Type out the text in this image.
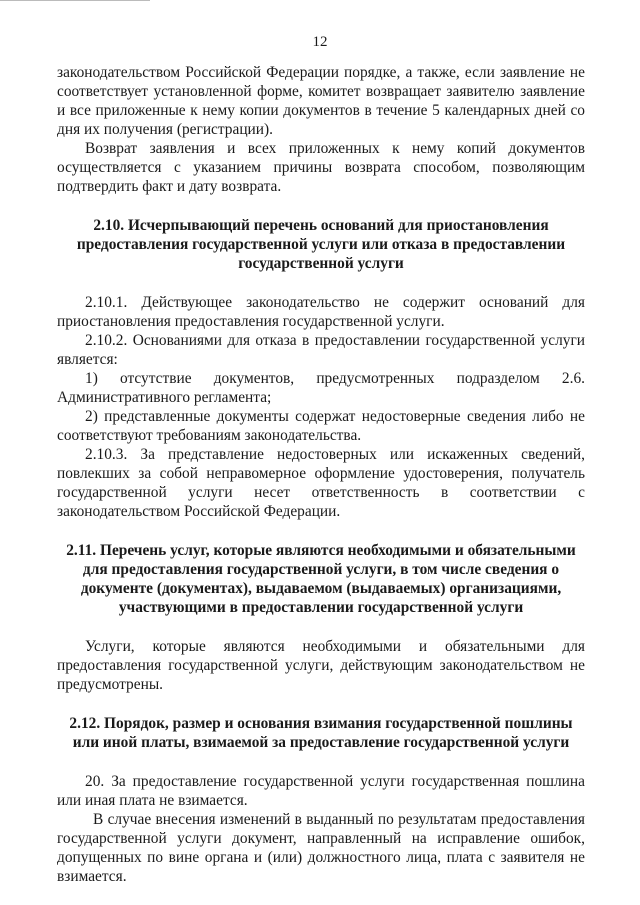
12

законодательством Российской Федерации порядке, а также, если заявление не соответствует установленной форме, комитет возвращает заявителю заявление и все приложенные к нему копии документов в течение 5 календарных дней со дня их получения (регистрации).

Возврат заявления и всех приложенных к нему копий документов осуществляется с указанием причины возврата способом, позволяющим подтвердить факт и дату возврата.

2.10. Исчерпывающий перечень оснований для приостановления предоставления государственной услуги или отказа в предоставлении государственной услуги

2.10.1. Действующее законодательство не содержит оснований для приостановления предоставления государственной услуги.

2.10.2. Основаниями для отказа в предоставлении государственной услуги является:

1) отсутствие документов, предусмотренных подразделом 2.6. Административного регламента;

2) представленные документы содержат недостоверные сведения либо не соответствуют требованиям законодательства.

2.10.3. За представление недостоверных или искаженных сведений, повлекших за собой неправомерное оформление удостоверения, получатель государственной услуги несет ответственность в соответствии с законодательством Российской Федерации.

2.11. Перечень услуг, которые являются необходимыми и обязательными для предоставления государственной услуги, в том числе сведения о документе (документах), выдаваемом (выдаваемых) организациями, участвующими в предоставлении государственной услуги

Услуги, которые являются необходимыми и обязательными для предоставления государственной услуги, действующим законодательством не предусмотрены.

2.12. Порядок, размер и основания взимания государственной пошлины или иной платы, взимаемой за предоставление государственной услуги

20. За предоставление государственной услуги государственная пошлина или иная плата не взимается.

В случае внесения изменений в выданный по результатам предоставления государственной услуги документ, направленный на исправление ошибок, допущенных по вине органа и (или) должностного лица, плата с заявителя не взимается.
